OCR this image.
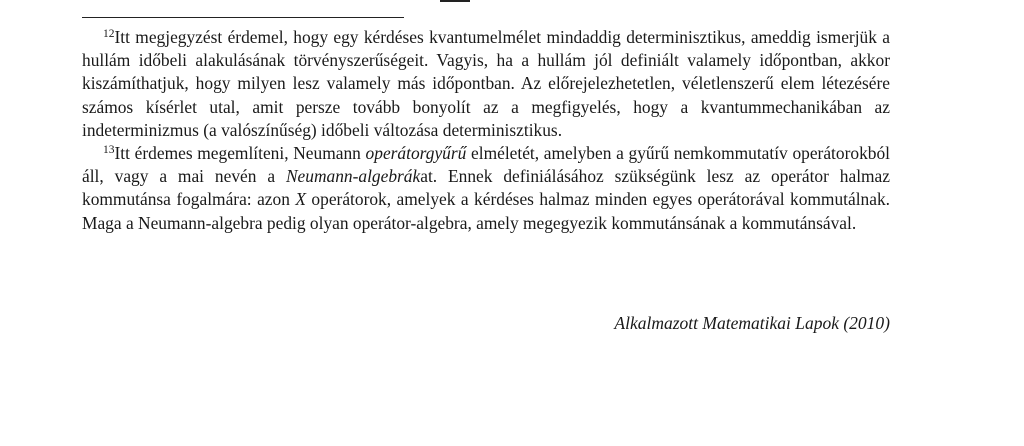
$^{12}$Itt megjegyzést érdemel, hogy egy kérdéses kvantumelmélet mindaddig determinisztikus, ameddig ismerjük a hullám időbeli alakulásának törvényszerűségeit. Vagyis, ha a hullám jól definiált valamely időpontban, akkor kiszámíthatjuk, hogy milyen lesz valamely más időpontban. Az előrejelezhetetlen, véletlenszerű elem létezésére számos kísérlet utal, amit persze tovább bonyolít az a megfigyelés, hogy a kvantummechanikában az indeterminizmus (a valószínűség) időbeli változása determinisztikus.

$^{13}$Itt érdemes megemlíteni, Neumann operátorgyűrű elméletét, amelyben a gyűrű nemkommutatív operátorokból áll, vagy a mai nevén a Neumann-algebrákat. Ennek definiálásához szükségünk lesz az operátor halmaz kommutánsa fogalmára: azon X operátorok, amelyek a kérdéses halmaz minden egyes operátorával kommutálnak. Maga a Neumann-algebra pedig olyan operátor-algebra, amely megegyezik kommutánsának a kommutánsával.

Alkalmazott Matematikai Lapok (2010)
